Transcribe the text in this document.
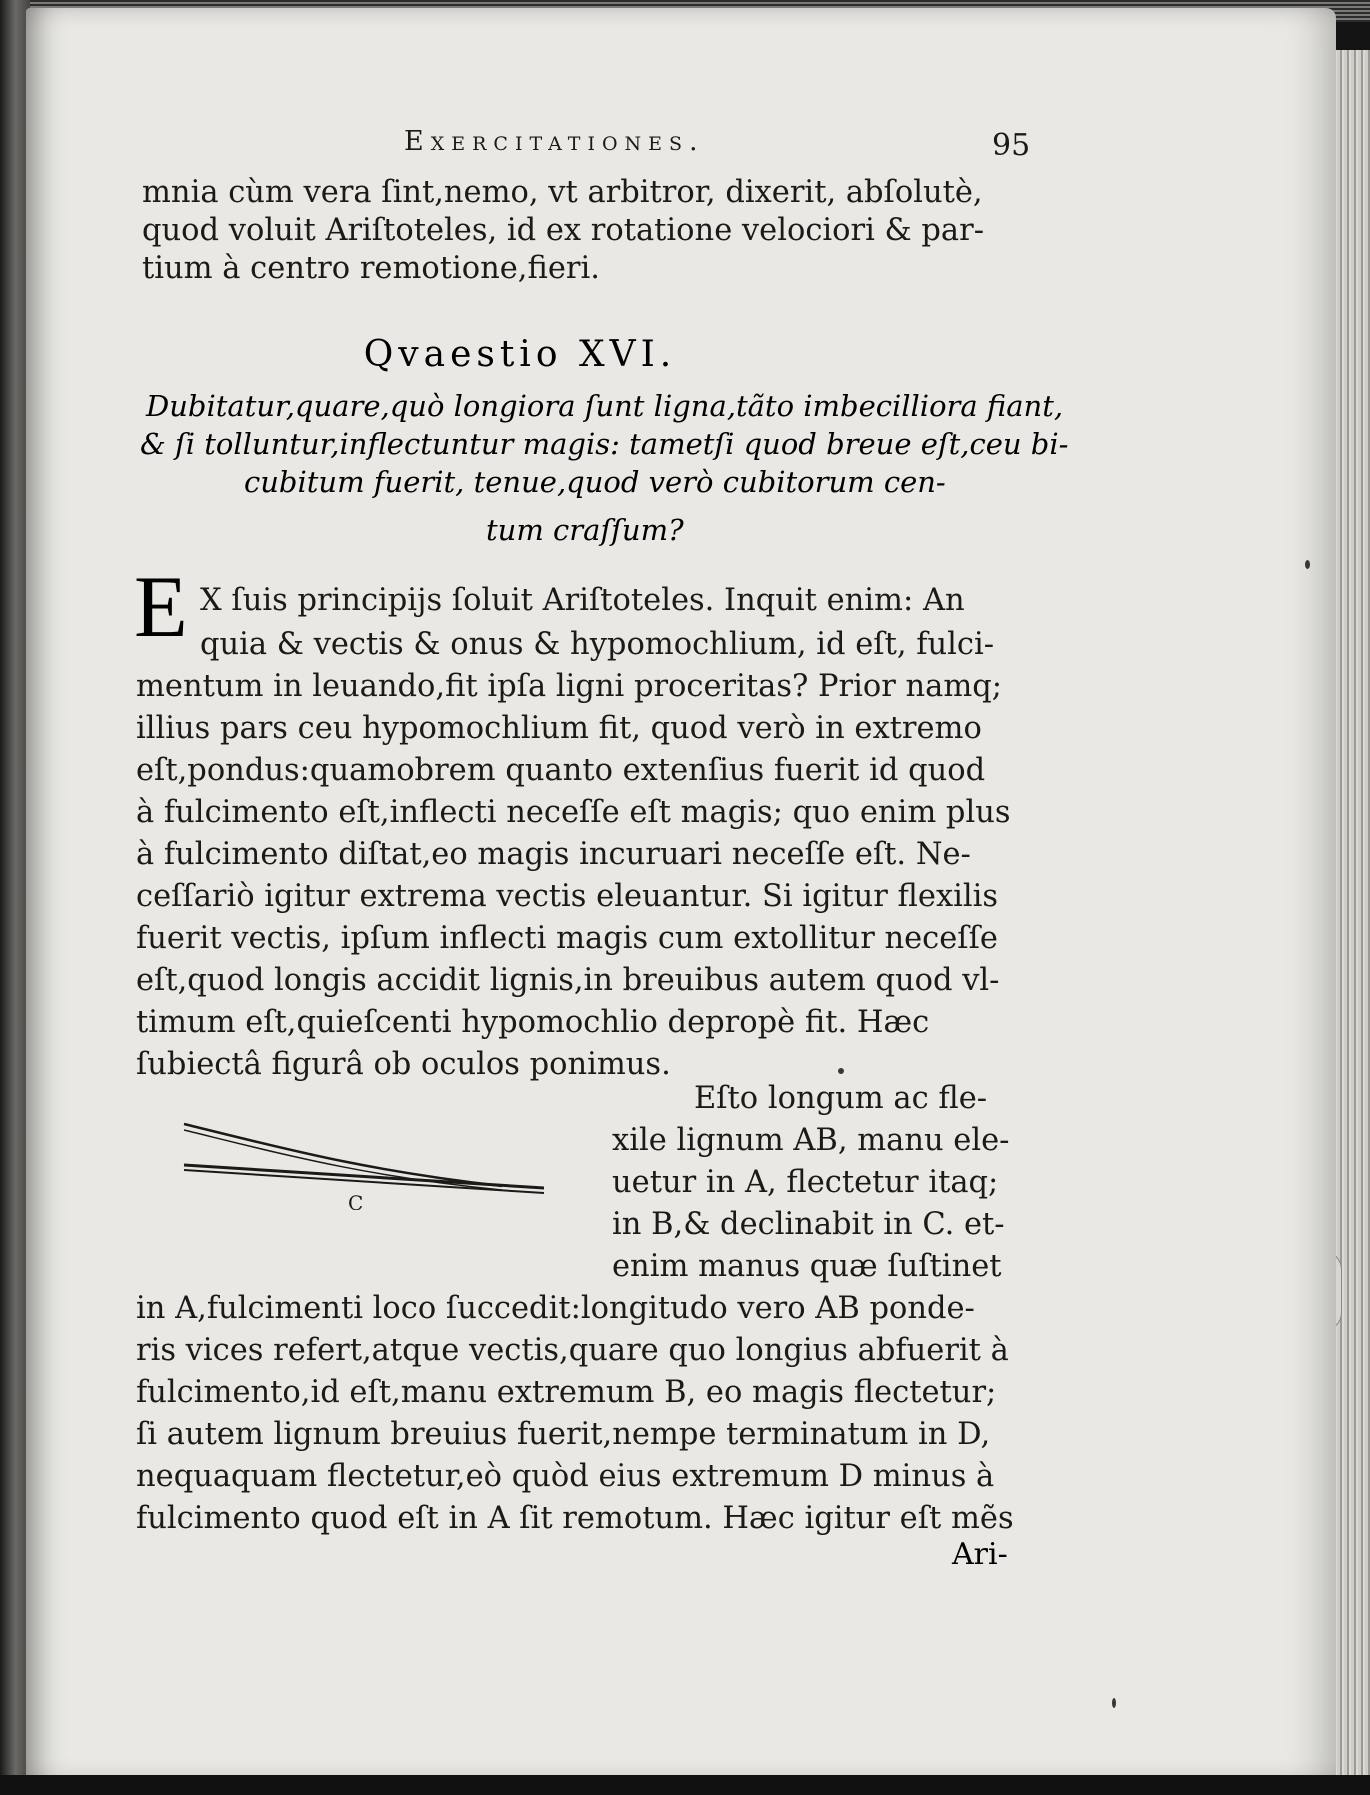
Exercitationes.	95
mnia cùm vera ſint,nemo, vt arbitror, dixerit, abſolutè,
quod voluit Ariſtoteles, id ex rotatione velociori & par-
tium à centro remotione,fieri.
Qvaestio XVI.
Dubitatur,quare,quò longiora ſunt ligna,tãto imbecilliora fiant,
& ſi tolluntur,inflectuntur magis: tametſi quod breue eſt,ceu bi-
cubitum fuerit, tenue,quod verò cubitorum cen-
tum craſſum?
E X ſuis principijs ſoluit Ariſtoteles. Inquit enim: An
quia & vectis & onus & hypomochlium, id eſt, fulci-
mentum in leuando,fit ipſa ligni proceritas? Prior namq;
illius pars ceu hypomochlium fit, quod verò in extremo
eſt,pondus:quamobrem quanto extenſius fuerit id quod
à fulcimento eſt,inflecti neceſſe eſt magis; quo enim plus
à fulcimento diſtat,eo magis incuruari neceſſe eſt. Ne-
ceſſariò igitur extrema vectis eleuantur. Si igitur flexilis
fuerit vectis, ipſum inflecti magis cum extollitur neceſſe
eſt,quod longis accidit lignis,in breuibus autem quod vl-
timum eſt,quieſcenti hypomochlio deproрè fit. Hæc
ſubiectâ figurâ ob oculos ponimus.
C
Eſto longum ac fle-
xile lignum AB, manu ele-
uetur in A, flectetur itaq;
in B,& declinabit in C. et-
enim manus quæ ſuſtinet
in A,fulcimenti loco ſuccedit:longitudo vero AB ponde-
ris vices refert,atque vectis,quare quo longius abfuerit à
fulcimento,id eſt,manu extremum B, eo magis flectetur;
ſi autem lignum breuius fuerit,nempe terminatum in D,
nequaquam flectetur,eò quòd eius extremum D minus à
fulcimento quod eſt in A ſit remotum. Hæc igitur eſt mẽs
Ari-
